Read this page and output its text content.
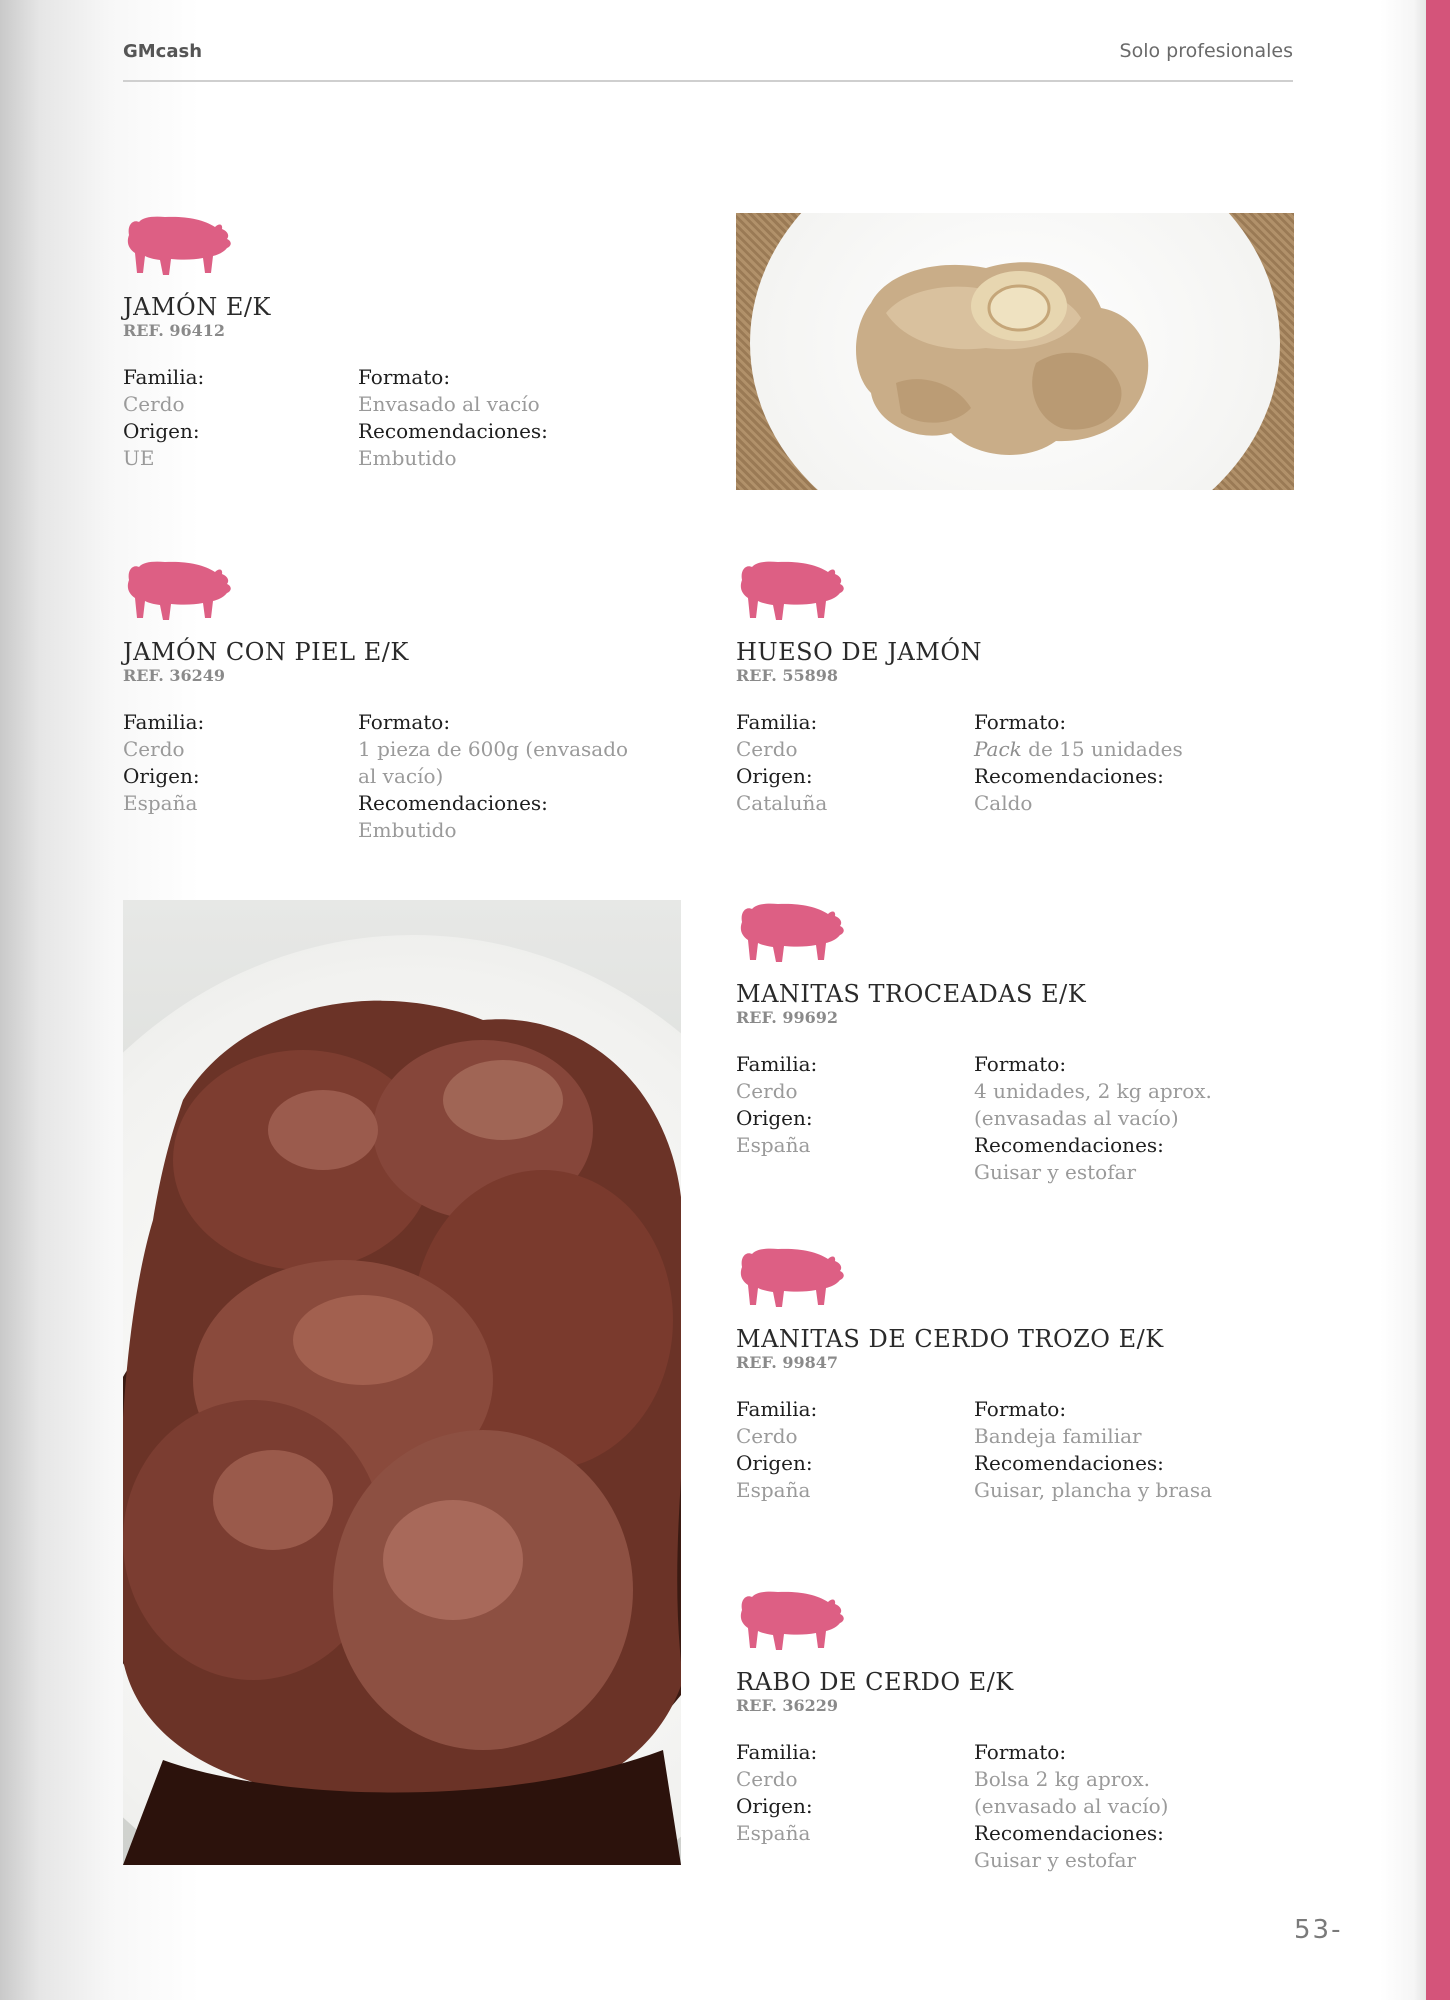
GMcash	Solo profesionales
JAMÓN E/K
REF. 96412
Familia:
Cerdo
Origen:
UE
Formato:
Envasado al vacío
Recomendaciones:
Embutido
JAMÓN CON PIEL E/K
REF. 36249
Familia:
Cerdo
Origen:
España
Formato:
1 pieza de 600g (envasado al vacío)
Recomendaciones:
Embutido
HUESO DE JAMÓN
REF. 55898
Familia:
Cerdo
Origen:
Cataluña
Formato:
Pack de 15 unidades
Recomendaciones:
Caldo
MANITAS TROCEADAS E/K
REF. 99692
Familia:
Cerdo
Origen:
España
Formato:
4 unidades, 2 kg aprox. (envasadas al vacío)
Recomendaciones:
Guisar y estofar
MANITAS DE CERDO TROZO E/K
REF. 99847
Familia:
Cerdo
Origen:
España
Formato:
Bandeja familiar
Recomendaciones:
Guisar, plancha y brasa
RABO DE CERDO E/K
REF. 36229
Familia:
Cerdo
Origen:
España
Formato:
Bolsa 2 kg aprox. (envasado al vacío)
Recomendaciones:
Guisar y estofar
53-
